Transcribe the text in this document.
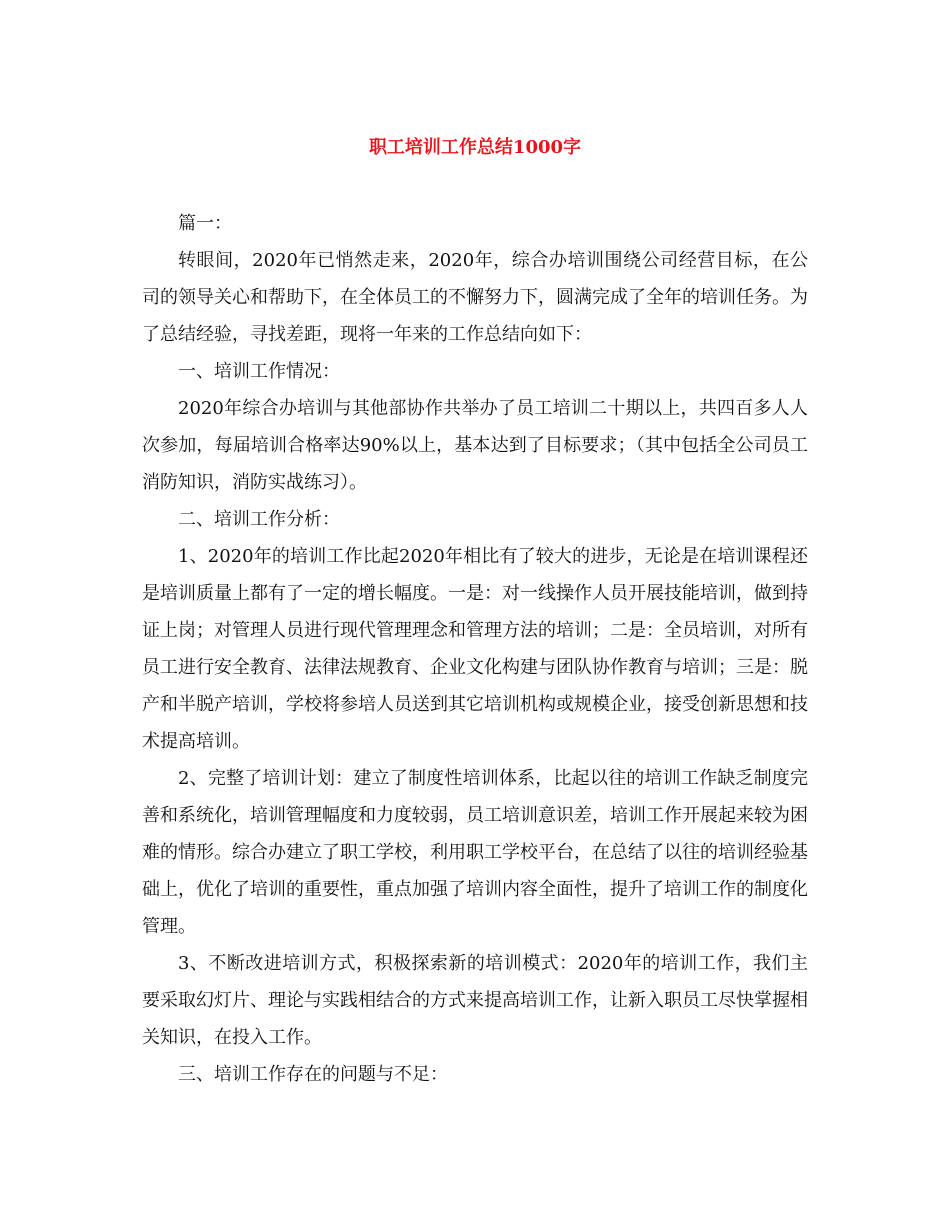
职工培训工作总结1000字

篇一：

转眼间，2020年已悄然走来，2020年，综合办培训围绕公司经营目标，在公司的领导关心和帮助下，在全体员工的不懈努力下，圆满完成了全年的培训任务。为了总结经验，寻找差距，现将一年来的工作总结向如下：

一、培训工作情况：

2020年综合办培训与其他部协作共举办了员工培训二十期以上，共四百多人人次参加，每届培训合格率达90%以上，基本达到了目标要求；（其中包括全公司员工消防知识，消防实战练习）。

二、培训工作分析：

1、2020年的培训工作比起2020年相比有了较大的进步，无论是在培训课程还是培训质量上都有了一定的增长幅度。一是：对一线操作人员开展技能培训，做到持证上岗；对管理人员进行现代管理理念和管理方法的培训；二是：全员培训，对所有员工进行安全教育、法律法规教育、企业文化构建与团队协作教育与培训；三是：脱产和半脱产培训，学校将参培人员送到其它培训机构或规模企业，接受创新思想和技术提高培训。

2、完整了培训计划：建立了制度性培训体系，比起以往的培训工作缺乏制度完善和系统化，培训管理幅度和力度较弱，员工培训意识差，培训工作开展起来较为困难的情形。综合办建立了职工学校，利用职工学校平台，在总结了以往的培训经验基础上，优化了培训的重要性，重点加强了培训内容全面性，提升了培训工作的制度化管理。

3、不断改进培训方式，积极探索新的培训模式：2020年的培训工作，我们主要采取幻灯片、理论与实践相结合的方式来提高培训工作，让新入职员工尽快掌握相关知识，在投入工作。

三、培训工作存在的问题与不足：
